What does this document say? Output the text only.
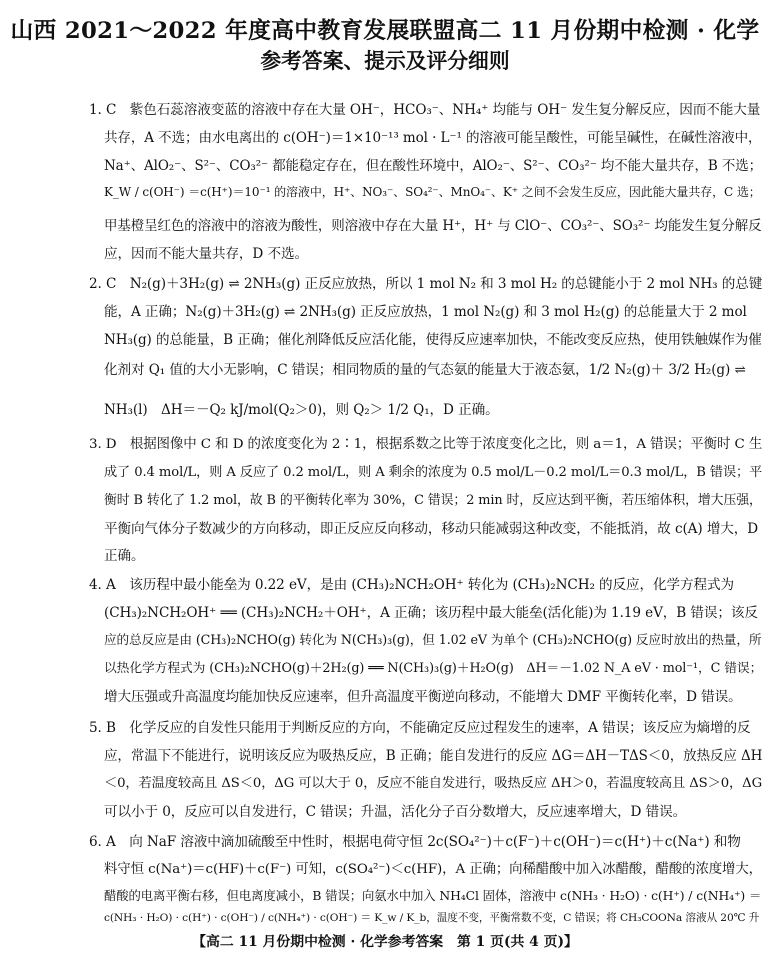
山西 2021～2022 年度高中教育发展联盟高二 11 月份期中检测 · 化学
参考答案、提示及评分细则
1. C　紫色石蕊溶液变蓝的溶液中存在大量 OH⁻，HCO₃⁻、NH₄⁺ 均能与 OH⁻ 发生复分解反应，因而不能大量
共存，A 不选；由水电离出的 c(OH⁻)＝1×10⁻¹³ mol · L⁻¹ 的溶液可能呈酸性，可能呈碱性，在碱性溶液中，
Na⁺、AlO₂⁻、S²⁻、CO₃²⁻ 都能稳定存在，但在酸性环境中，AlO₂⁻、S²⁻、CO₃²⁻ 均不能大量共存，B 不选；
K_W / c(OH⁻) ＝c(H⁺)＝10⁻¹ 的溶液中，H⁺、NO₃⁻、SO₄²⁻、MnO₄⁻、K⁺ 之间不会发生反应，因此能大量共存，C 选；
甲基橙呈红色的溶液中的溶液为酸性，则溶液中存在大量 H⁺，H⁺ 与 ClO⁻、CO₃²⁻、SO₃²⁻ 均能发生复分解反
应，因而不能大量共存，D 不选。
2. C　N₂(g)＋3H₂(g) ⇌ 2NH₃(g) 正反应放热，所以 1 mol N₂ 和 3 mol H₂ 的总键能小于 2 mol NH₃ 的总键
能，A 正确；N₂(g)＋3H₂(g) ⇌ 2NH₃(g) 正反应放热，1 mol N₂(g) 和 3 mol H₂(g) 的总能量大于 2 mol
NH₃(g) 的总能量，B 正确；催化剂降低反应活化能，使得反应速率加快，不能改变反应热，使用铁触媒作为催
化剂对 Q₁ 值的大小无影响，C 错误；相同物质的量的气态氨的能量大于液态氨，1/2 N₂(g)＋ 3/2 H₂(g) ⇌
NH₃(l)　ΔH＝－Q₂ kJ/mol(Q₂＞0)，则 Q₂＞ 1/2 Q₁，D 正确。
3. D　根据图像中 C 和 D 的浓度变化为 2∶1，根据系数之比等于浓度变化之比，则 a＝1，A 错误；平衡时 C 生
成了 0.4 mol/L，则 A 反应了 0.2 mol/L，则 A 剩余的浓度为 0.5 mol/L－0.2 mol/L＝0.3 mol/L，B 错误；平
衡时 B 转化了 1.2 mol，故 B 的平衡转化率为 30%，C 错误；2 min 时，反应达到平衡，若压缩体积，增大压强，
平衡向气体分子数减少的方向移动，即正反应反向移动，移动只能减弱这种改变，不能抵消，故 c(A) 增大，D
正确。
4. A　该历程中最小能垒为 0.22 eV，是由 (CH₃)₂NCH₂OH⁺ 转化为 (CH₃)₂NCH₂ 的反应，化学方程式为
(CH₃)₂NCH₂OH⁺ ══ (CH₃)₂NCH₂＋OH⁺，A 正确；该历程中最大能垒(活化能)为 1.19 eV，B 错误；该反
应的总反应是由 (CH₃)₂NCHO(g) 转化为 N(CH₃)₃(g)，但 1.02 eV 为单个 (CH₃)₂NCHO(g) 反应时放出的热量，所
以热化学方程式为 (CH₃)₂NCHO(g)＋2H₂(g) ══ N(CH₃)₃(g)＋H₂O(g)　ΔH＝－1.02 N_A eV · mol⁻¹，C 错误；
增大压强或升高温度均能加快反应速率，但升高温度平衡逆向移动，不能增大 DMF 平衡转化率，D 错误。
5. B　化学反应的自发性只能用于判断反应的方向，不能确定反应过程发生的速率，A 错误；该反应为熵增的反
应，常温下不能进行，说明该反应为吸热反应，B 正确；能自发进行的反应 ΔG＝ΔH－TΔS＜0，放热反应 ΔH
＜0，若温度较高且 ΔS＜0，ΔG 可以大于 0，反应不能自发进行，吸热反应 ΔH＞0，若温度较高且 ΔS＞0，ΔG
可以小于 0，反应可以自发进行，C 错误；升温，活化分子百分数增大，反应速率增大，D 错误。
6. A　向 NaF 溶液中滴加硫酸至中性时，根据电荷守恒 2c(SO₄²⁻)＋c(F⁻)＋c(OH⁻)＝c(H⁺)＋c(Na⁺) 和物
料守恒 c(Na⁺)＝c(HF)＋c(F⁻) 可知，c(SO₄²⁻)＜c(HF)，A 正确；向稀醋酸中加入冰醋酸，醋酸的浓度增大，
醋酸的电离平衡右移，但电离度减小，B 错误；向氨水中加入 NH₄Cl 固体，溶液中 c(NH₃ · H₂O) · c(H⁺) / c(NH₄⁺) ＝
c(NH₃ · H₂O) · c(H⁺) · c(OH⁻) / c(NH₄⁺) · c(OH⁻) ＝ K_w / K_b，温度不变，平衡常数不变，C 错误；将 CH₃COONa 溶液从 20℃ 升
【高二 11 月份期中检测 · 化学参考答案　第 1 页(共 4 页)】
